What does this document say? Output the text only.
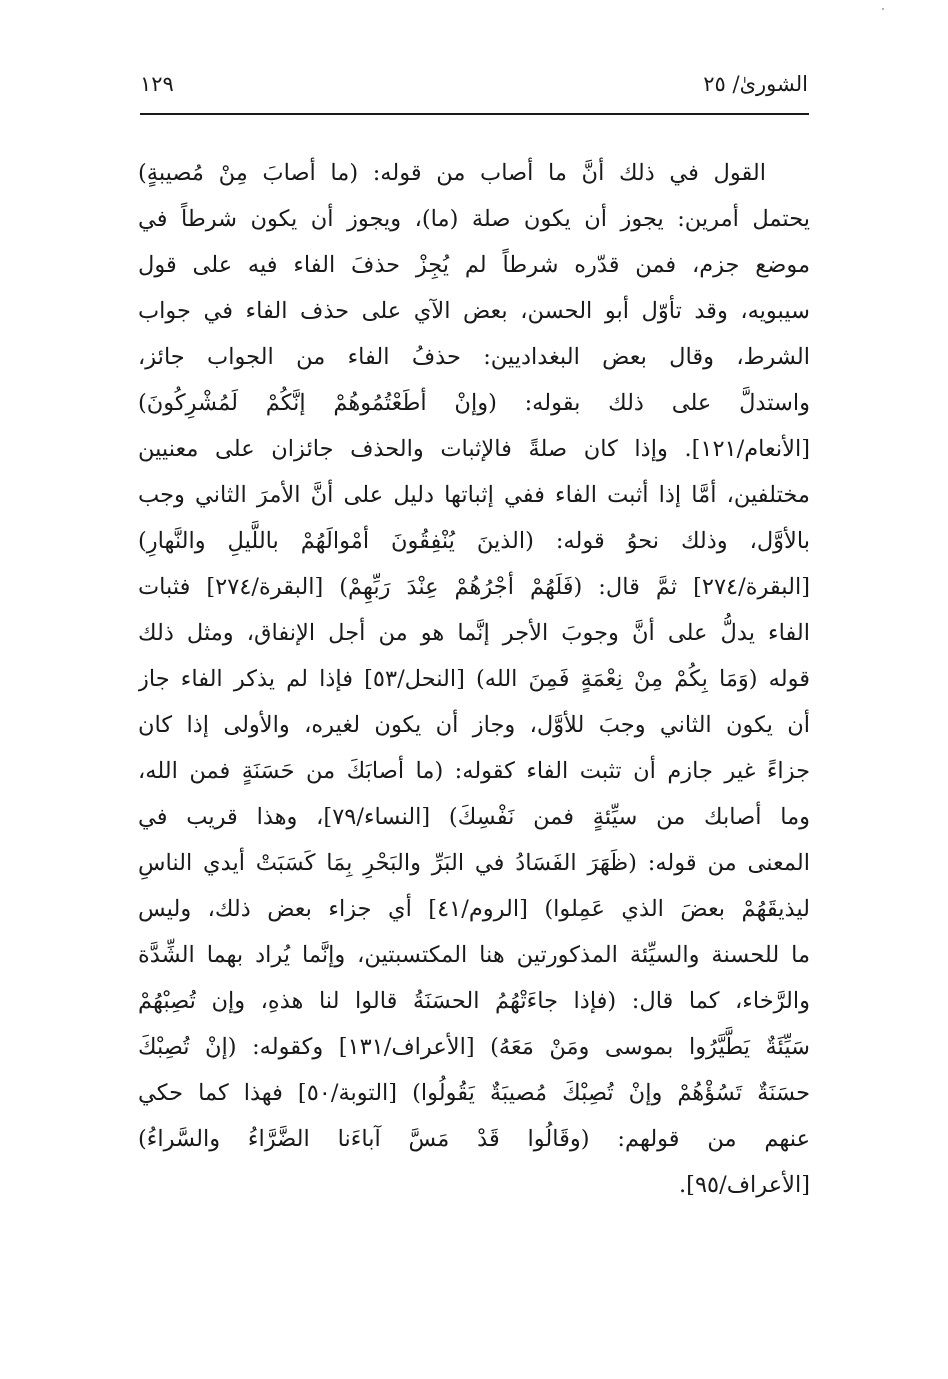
الشورىٰ/ ٢٥
١٢٩
القول في ذلك أنَّ ما أصاب من قوله: (ما أصابَ مِنْ مُصيبةٍ)
يحتمل أمرين: يجوز أن يكون صلة (ما)، ويجوز أن يكون شرطاً في
موضع جزم، فمن قدّره شرطاً لم يُجِزْ حذفَ الفاء فيه على قول
سيبويه، وقد تأوّل أبو الحسن، بعض الآي على حذف الفاء في جواب
الشرط، وقال بعض البغداديين: حذفُ الفاء من الجواب جائز،
واستدلَّ على ذلك بقوله: (وإنْ أطَعْتُمُوهُمْ إنَّكُمْ لَمُشْرِكُونَ)
[الأنعام/١٢١]. وإذا كان صلةً فالإثبات والحذف جائزان على معنيين
مختلفين، أمَّا إذا أثبت الفاء ففي إثباتها دليل على أنَّ الأمرَ الثاني وجب
بالأوَّل، وذلك نحوُ قوله: (الذينَ يُنْفِقُونَ أمْوالَهُمْ باللَّيلِ والنَّهارِ)
[البقرة/٢٧٤] ثمَّ قال: (فَلَهُمْ أجْرُهُمْ عِنْدَ رَبِّهِمْ) [البقرة/٢٧٤] فثبات
الفاء يدلُّ على أنَّ وجوبَ الأجر إنَّما هو من أجل الإنفاق، ومثل ذلك
قوله (وَمَا بِكُمْ مِنْ نِعْمَةٍ فَمِنَ الله) [النحل/٥٣] فإذا لم يذكر الفاء جاز
أن يكون الثاني وجبَ للأوَّل، وجاز أن يكون لغيره، والأولى إذا كان
جزاءً غير جازم أن تثبت الفاء كقوله: (ما أصابَكَ من حَسَنَةٍ فمن الله،
وما أصابك من سيِّئةٍ فمن نَفْسِكَ) [النساء/٧٩]، وهذا قريب في
المعنى من قوله: (ظَهَرَ الفَسَادُ في البَرِّ والبَحْرِ بِمَا كَسَبَتْ أيدي الناسِ
ليذيقَهُمْ بعضَ الذي عَمِلوا) [الروم/٤١] أي جزاء بعض ذلك، وليس
ما للحسنة والسيِّئة المذكورتين هنا المكتسبتين، وإنَّما يُراد بهما الشِّدَّة
والرَّخاء، كما قال: (فإذا جاءَتْهُمُ الحسَنَةُ قالوا لنا هذهِ، وإن تُصِبْهُمْ
سَيِّئَةٌ يَطَّيَّرُوا بموسى ومَنْ مَعَهُ) [الأعراف/١٣١] وكقوله: (إنْ تُصِبْكَ
حسَنَةٌ تَسُؤْهُمْ وإنْ تُصِبْكَ مُصيبَةٌ يَقُولُوا) [التوبة/٥٠] فهذا كما حكي
عنهم من قولهم: (وقَالُوا قَدْ مَسَّ آباءَنا الضَّرَّاءُ والسَّراءُ)
[الأعراف/٩٥].
